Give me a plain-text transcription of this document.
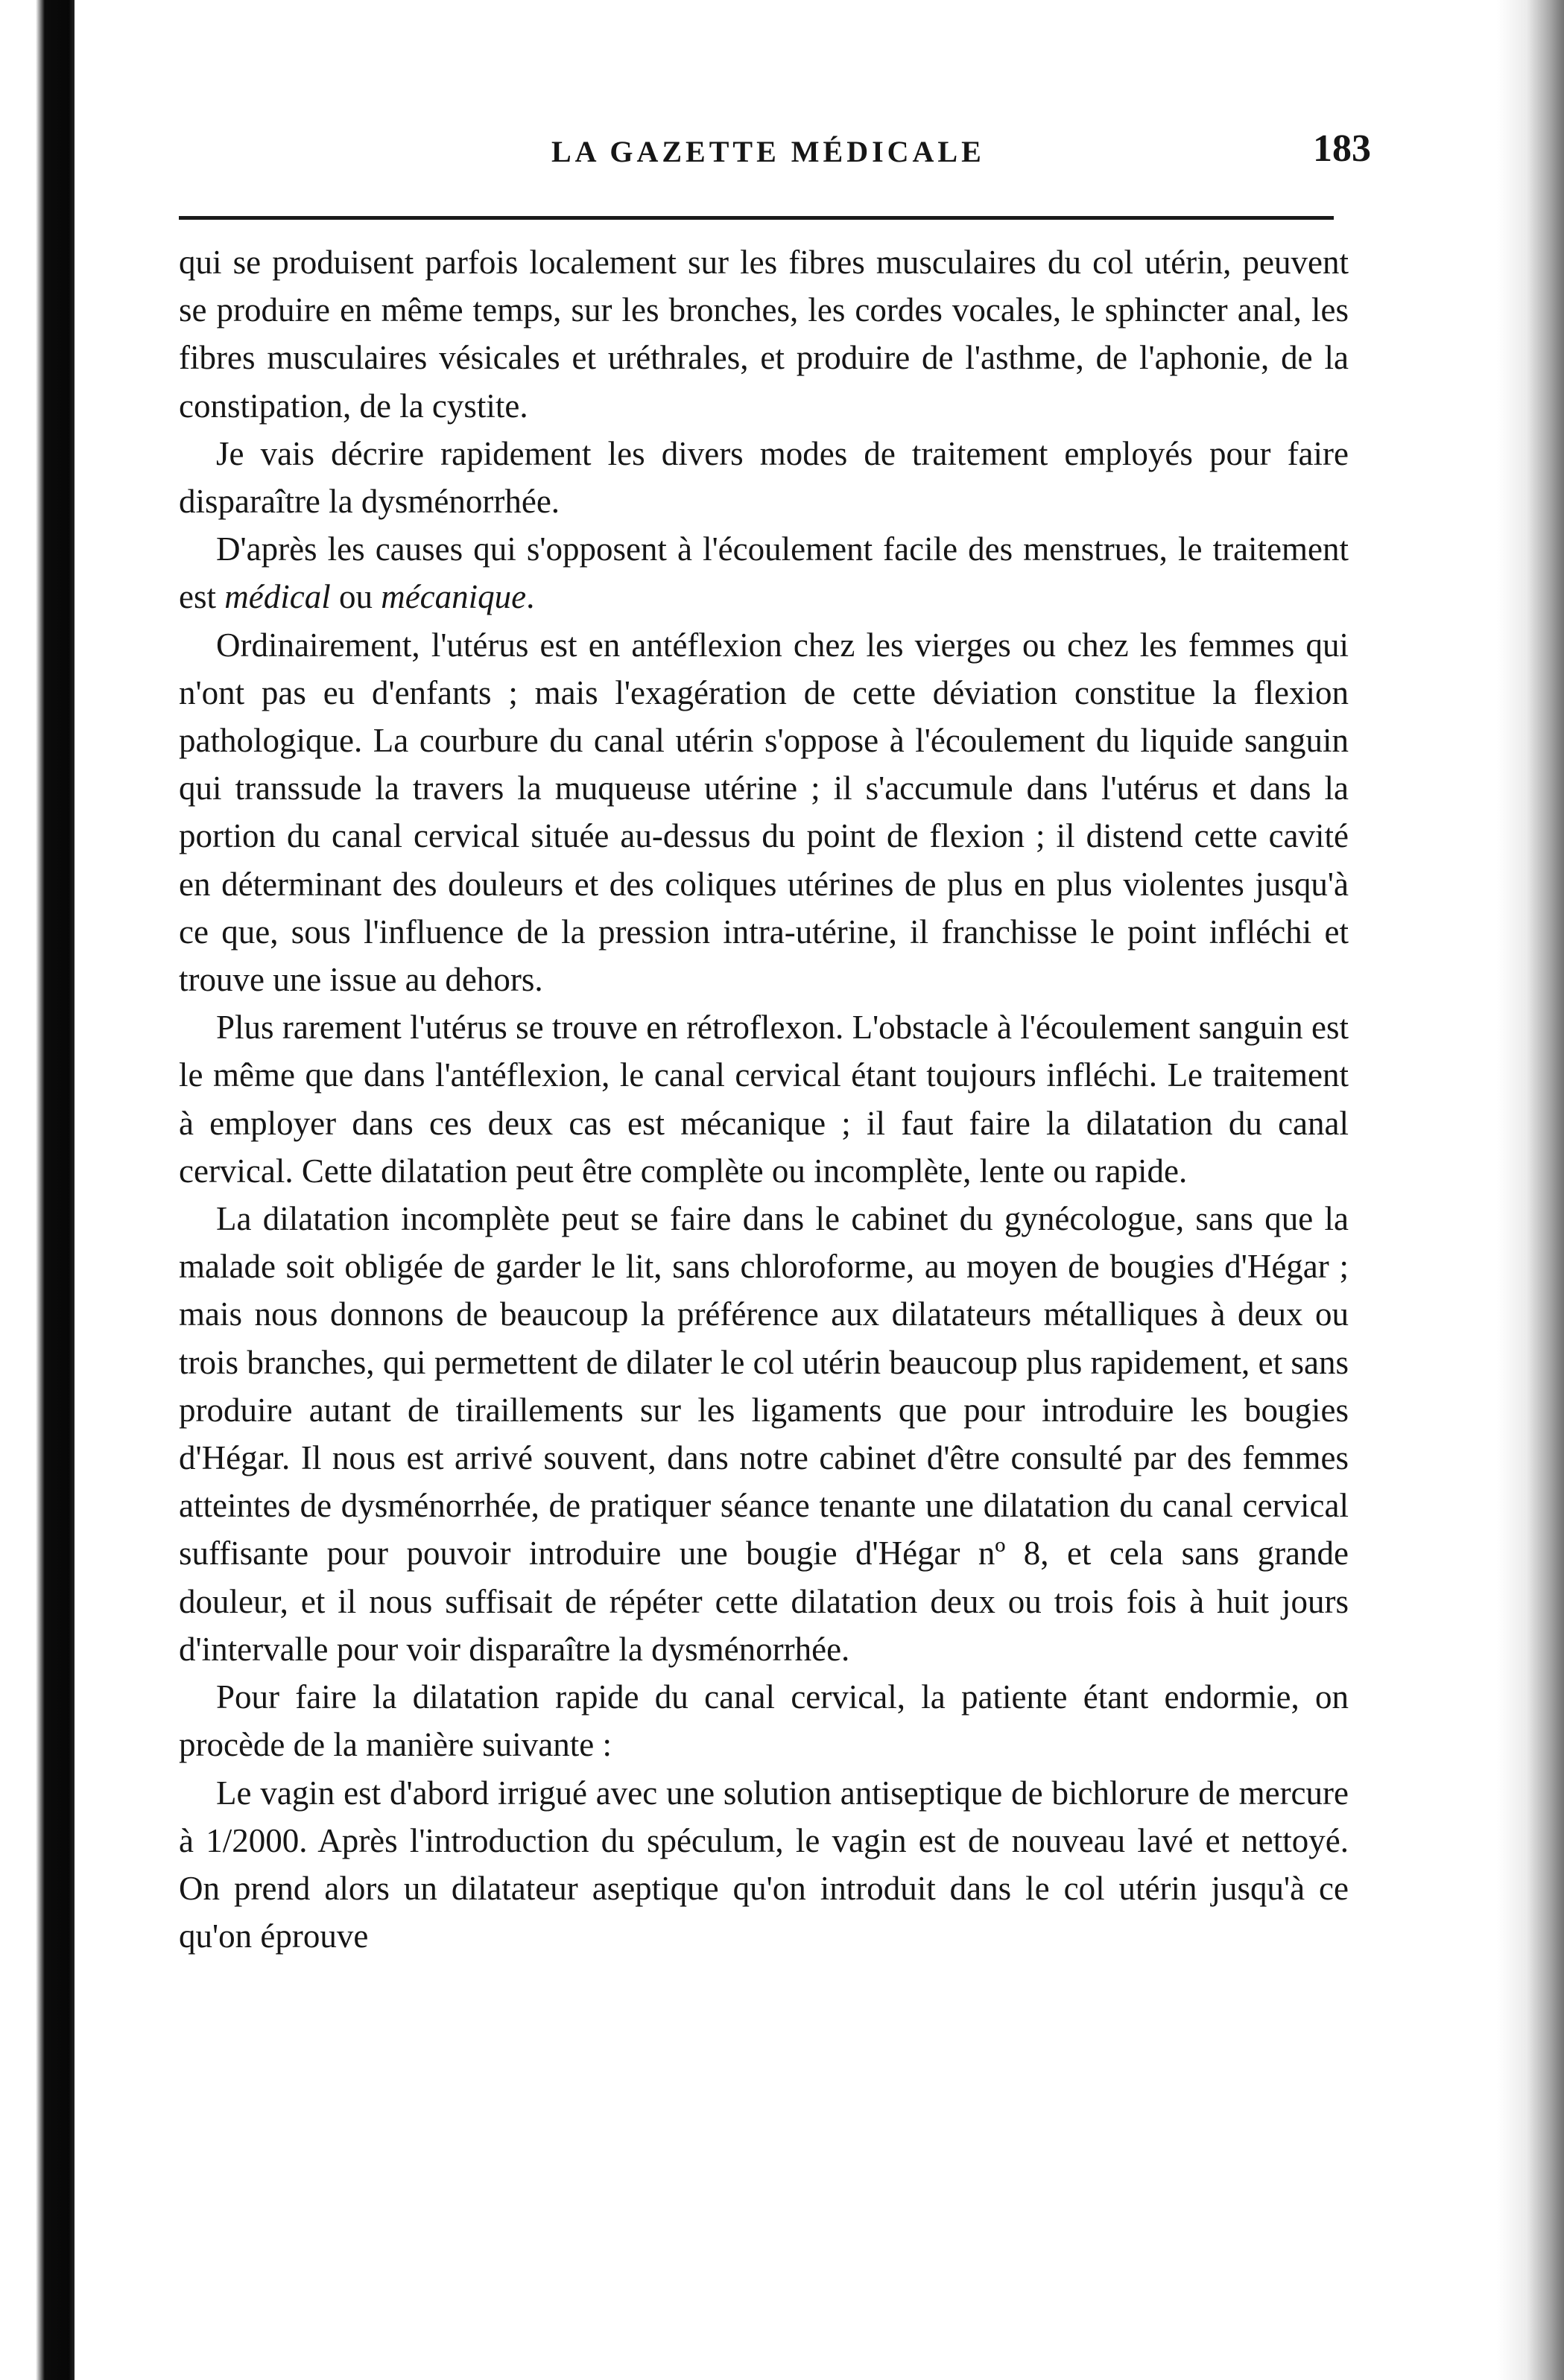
LA GAZETTE MÉDICALE	183

qui se produisent parfois localement sur les fibres musculaires du col utérin, peuvent se produire en même temps, sur les bronches, les cordes vocales, le sphincter anal, les fibres musculaires vésicales et uréthrales, et produire de l'asthme, de l'aphonie, de la constipation, de la cystite.

Je vais décrire rapidement les divers modes de traitement employés pour faire disparaître la dysménorrhée.

D'après les causes qui s'opposent à l'écoulement facile des menstrues, le traitement est médical ou mécanique.

Ordinairement, l'utérus est en antéflexion chez les vierges ou chez les femmes qui n'ont pas eu d'enfants ; mais l'exagération de cette déviation constitue la flexion pathologique. La courbure du canal utérin s'oppose à l'écoulement du liquide sanguin qui transsude la travers la muqueuse utérine ; il s'accumule dans l'utérus et dans la portion du canal cervical située au-dessus du point de flexion ; il distend cette cavité en déterminant des douleurs et des coliques utérines de plus en plus violentes jusqu'à ce que, sous l'influence de la pression intra-utérine, il franchisse le point infléchi et trouve une issue au dehors.

Plus rarement l'utérus se trouve en rétroflexon. L'obstacle à l'écoulement sanguin est le même que dans l'antéflexion, le canal cervical étant toujours infléchi. Le traitement à employer dans ces deux cas est mécanique ; il faut faire la dilatation du canal cervical. Cette dilatation peut être complète ou incomplète, lente ou rapide.

La dilatation incomplète peut se faire dans le cabinet du gynécologue, sans que la malade soit obligée de garder le lit, sans chloroforme, au moyen de bougies d'Hégar ; mais nous donnons de beaucoup la préférence aux dilatateurs métalliques à deux ou trois branches, qui permettent de dilater le col utérin beaucoup plus rapidement, et sans produire autant de tiraillements sur les ligaments que pour introduire les bougies d'Hégar. Il nous est arrivé souvent, dans notre cabinet d'être consulté par des femmes atteintes de dysménorrhée, de pratiquer séance tenante une dilatation du canal cervical suffisante pour pouvoir introduire une bougie d'Hégar nº 8, et cela sans grande douleur, et il nous suffisait de répéter cette dilatation deux ou trois fois à huit jours d'intervalle pour voir disparaître la dysménorrhée.

Pour faire la dilatation rapide du canal cervical, la patiente étant endormie, on procède de la manière suivante :

Le vagin est d'abord irrigué avec une solution antiseptique de bichlorure de mercure à 1/2000. Après l'introduction du spéculum, le vagin est de nouveau lavé et nettoyé. On prend alors un dilatateur aseptique qu'on introduit dans le col utérin jusqu'à ce qu'on éprouve
